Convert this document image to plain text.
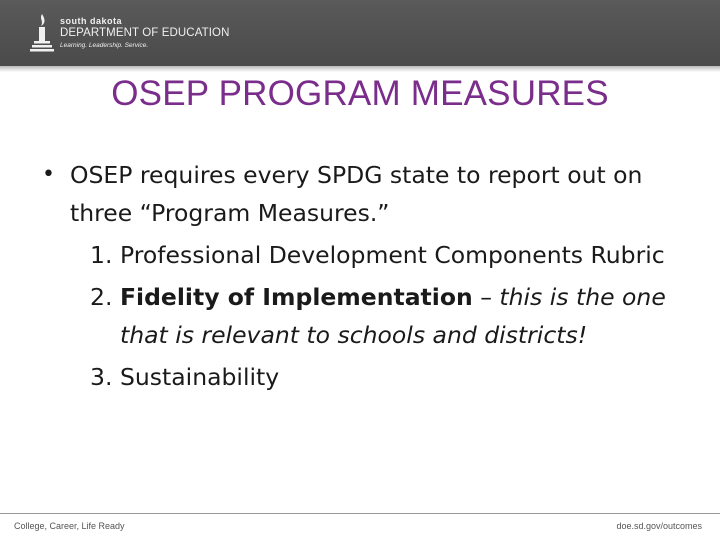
south dakota
DEPARTMENT OF EDUCATION
Learning. Leadership. Service.
OSEP PROGRAM MEASURES
• OSEP requires every SPDG state to report out on three “Program Measures.”
1. Professional Development Components Rubric
2. Fidelity of Implementation – this is the one that is relevant to schools and districts!
3. Sustainability
College, Career, Life Ready	doe.sd.gov/outcomes
